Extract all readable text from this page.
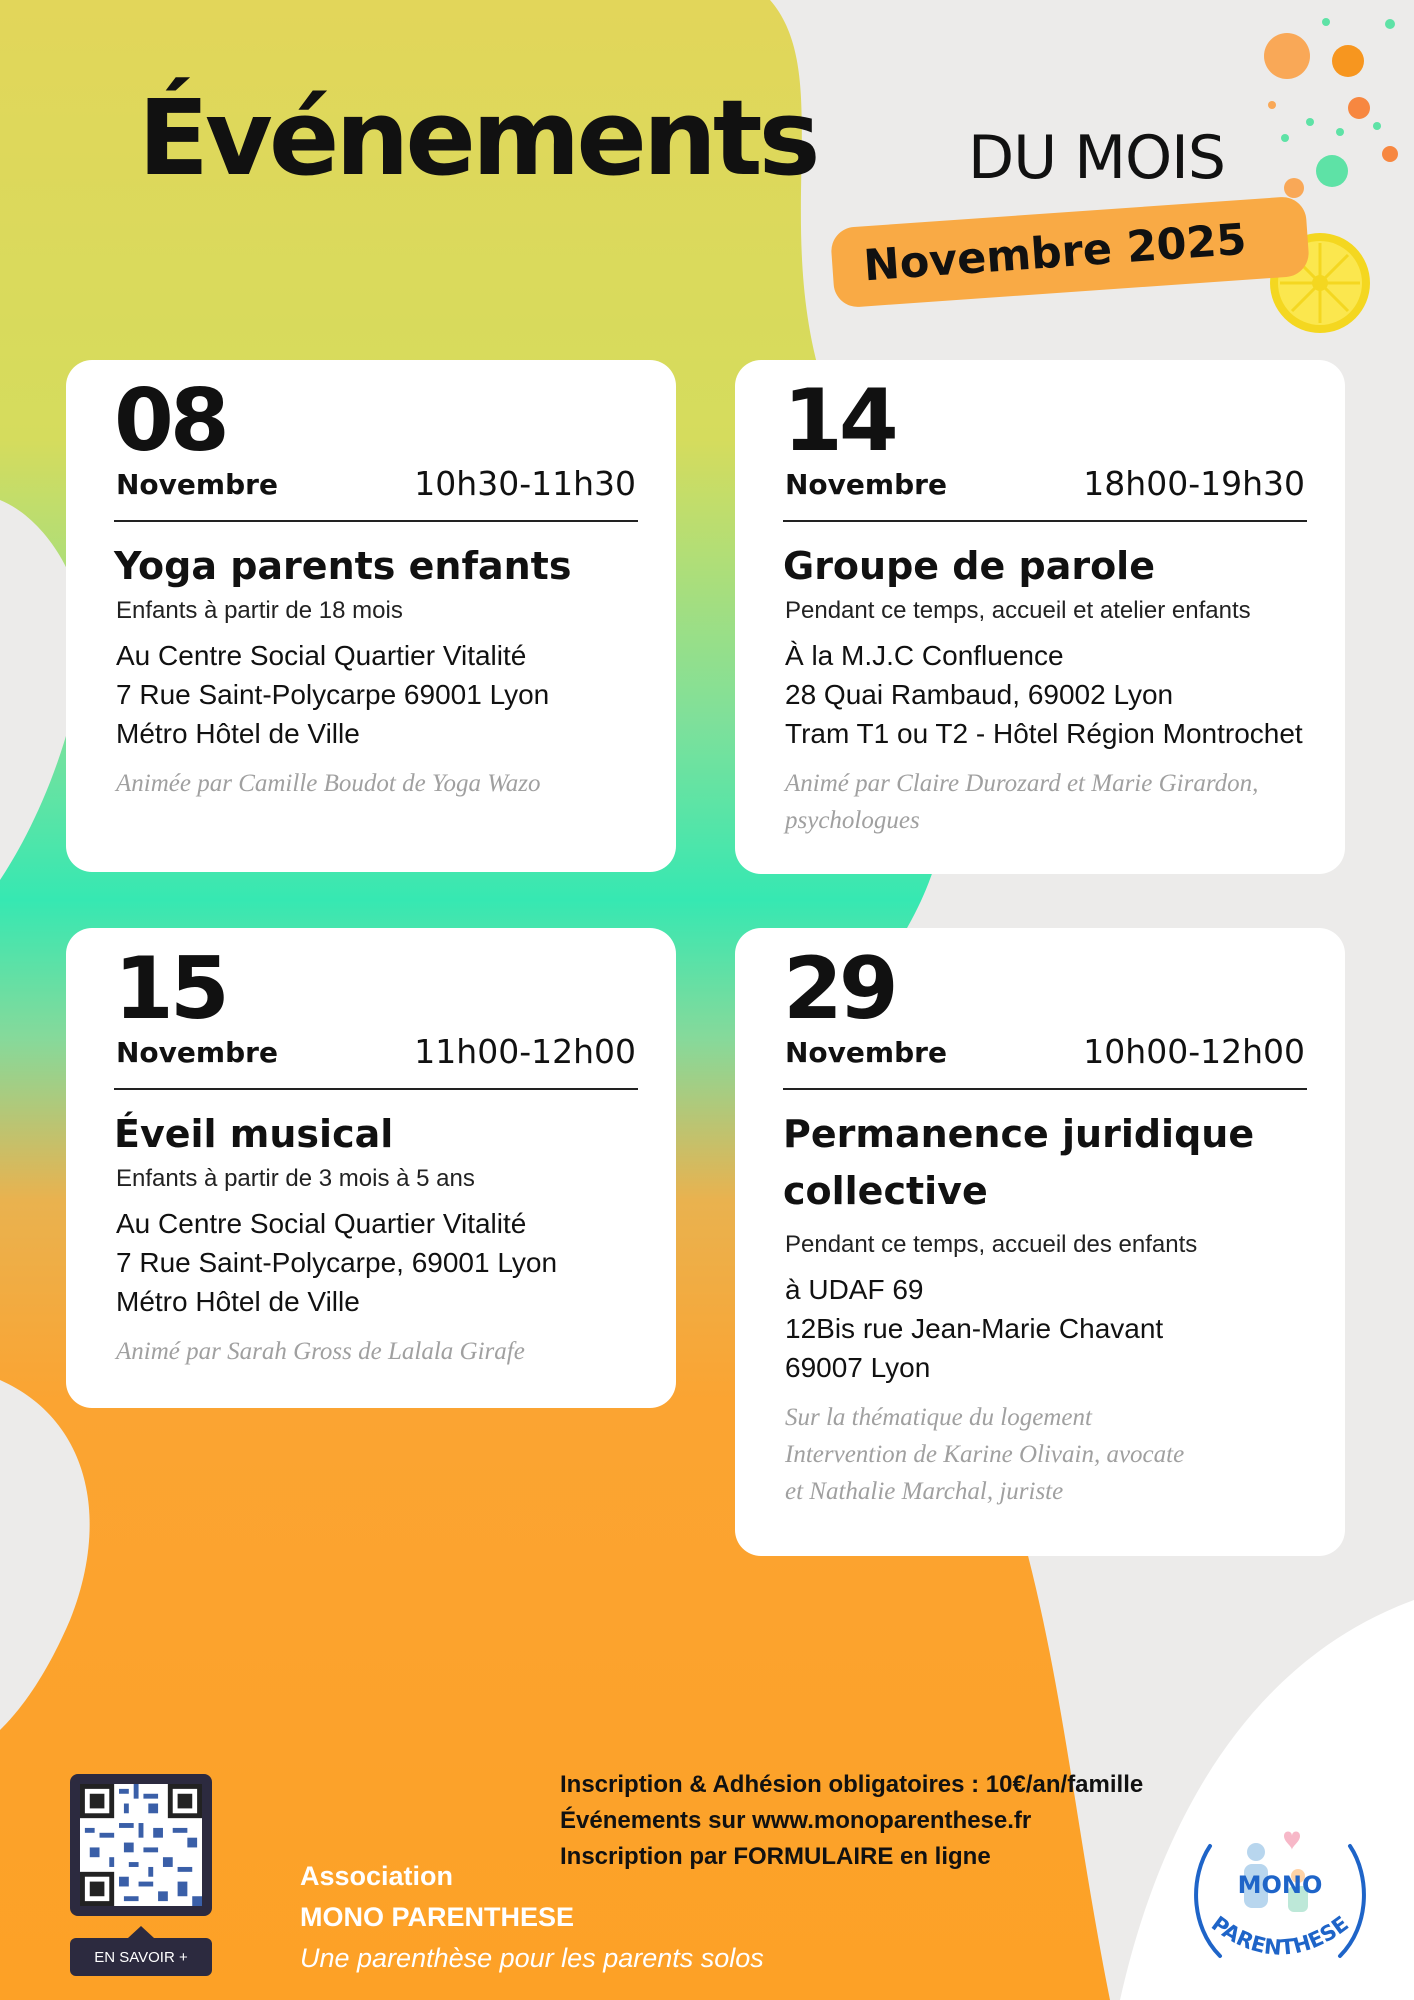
Événements	DU MOIS
Novembre 2025
08
Novembre	10h30-11h30
Yoga parents enfants
Enfants à partir de 18 mois
Au Centre Social Quartier Vitalité
7 Rue Saint-Polycarpe 69001 Lyon
Métro Hôtel de Ville
Animée par Camille Boudot de Yoga Wazo
14
Novembre	18h00-19h30
Groupe de parole
Pendant ce temps, accueil et atelier enfants
À la M.J.C Confluence
28 Quai Rambaud, 69002 Lyon
Tram T1 ou T2 - Hôtel Région Montrochet
Animé par Claire Durozard et Marie Girardon,
psychologues
15
Novembre	11h00-12h00
Éveil musical
Enfants à partir de 3 mois à 5 ans
Au Centre Social Quartier Vitalité
7 Rue Saint-Polycarpe, 69001 Lyon
Métro Hôtel de Ville
Animé par Sarah Gross de Lalala Girafe
29
Novembre	10h00-12h00
Permanence juridique
collective
Pendant ce temps, accueil des enfants
à UDAF 69
12Bis rue Jean-Marie Chavant
69007 Lyon
Sur la thématique du logement
Intervention de Karine Olivain, avocate
et Nathalie Marchal, juriste
EN SAVOIR +
Inscription & Adhésion obligatoires : 10€/an/famille
Événements sur www.monoparenthese.fr
Inscription par FORMULAIRE en ligne
Association
MONO PARENTHESE
Une parenthèse pour les parents solos
MONO
PARENTHESE
